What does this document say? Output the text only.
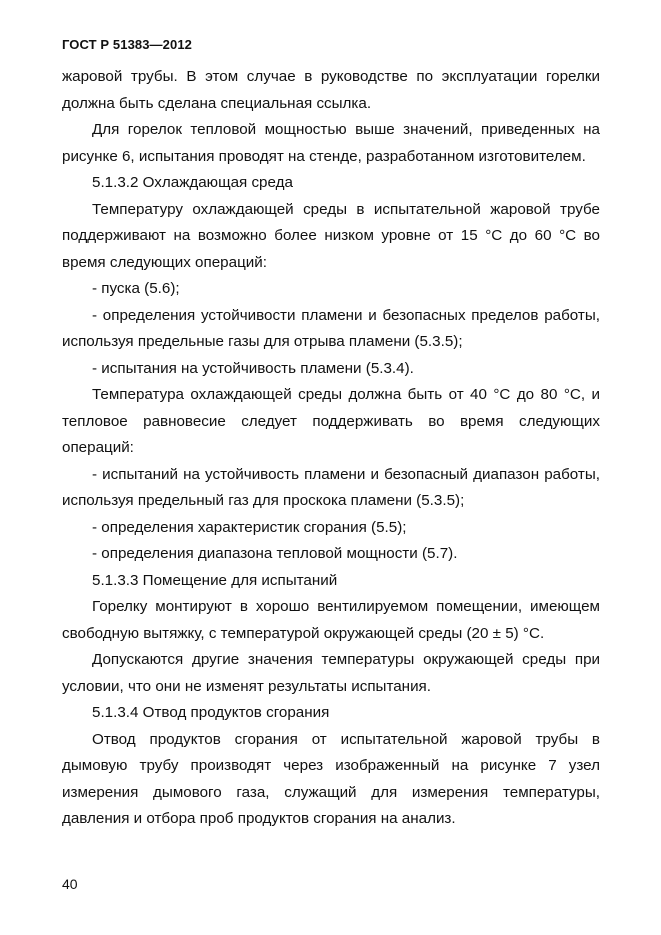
ГОСТ Р 51383—2012

жаровой трубы. В этом случае в руководстве по эксплуатации горелки должна быть сделана специальная ссылка.

Для горелок тепловой мощностью выше значений, приведенных на рисунке 6, испытания проводят на стенде, разработанном изготовителем.

5.1.3.2 Охлаждающая среда

Температуру охлаждающей среды в испытательной жаровой трубе поддерживают на возможно более низком уровне от 15 °С до 60 °С во время следующих операций:

- пуска (5.6);

- определения устойчивости пламени и безопасных пределов работы, используя предельные газы для отрыва пламени (5.3.5);

- испытания на устойчивость пламени (5.3.4).

Температура охлаждающей среды должна быть от 40 °С до 80 °С, и тепловое равновесие следует поддерживать во время следующих операций:

- испытаний на устойчивость пламени и безопасный диапазон работы, используя предельный газ для проскока пламени (5.3.5);

- определения характеристик сгорания (5.5);

- определения диапазона тепловой мощности (5.7).

5.1.3.3 Помещение для испытаний

Горелку монтируют в хорошо вентилируемом помещении, имеющем свободную вытяжку, с температурой окружающей среды (20 ± 5) °С.

Допускаются другие значения температуры окружающей среды при условии, что они не изменят результаты испытания.

5.1.3.4 Отвод продуктов сгорания

Отвод продуктов сгорания от испытательной жаровой трубы в дымовую трубу производят через изображенный на рисунке 7 узел измерения дымового газа, служащий для измерения температуры, давления и отбора проб продуктов сгорания на анализ.

40
